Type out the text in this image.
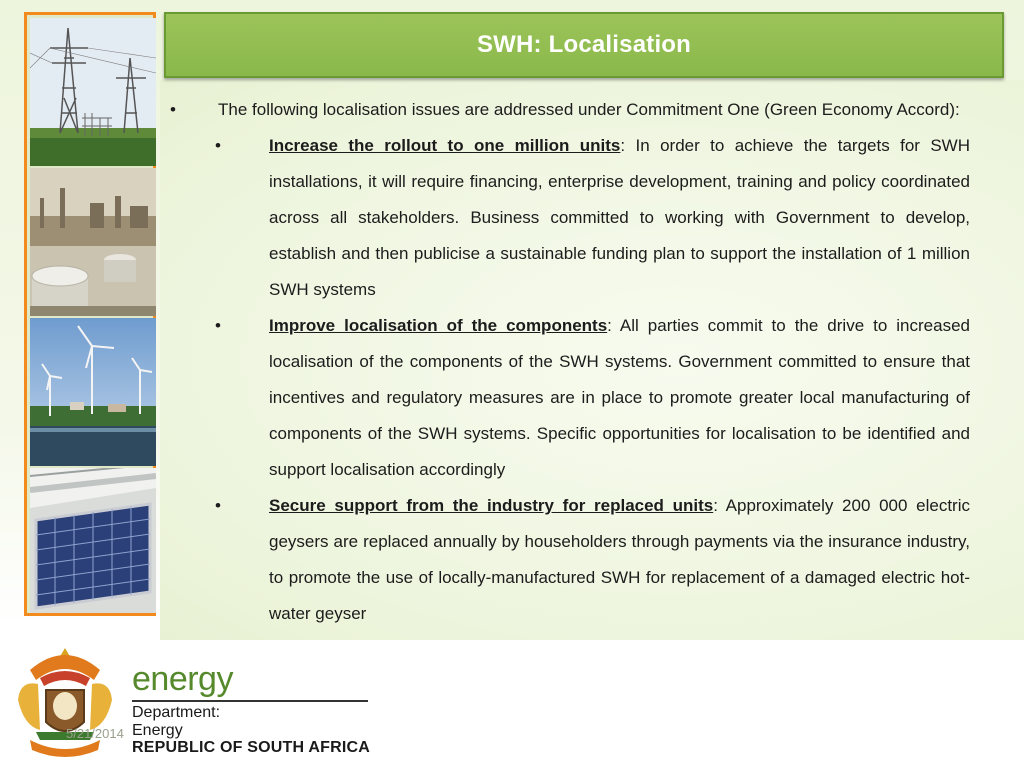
SWH: Localisation
• The following localisation issues are addressed under Commitment One (Green Economy Accord):
•	Increase the rollout to one million units: In order to achieve the targets for SWH installations, it will require financing, enterprise development, training and policy coordinated across all stakeholders. Business committed to working with Government to develop, establish and then publicise a sustainable funding plan to support the installation of 1 million SWH systems
•	Improve localisation of the components: All parties commit to the drive to increased localisation of the components of the SWH systems. Government committed to ensure that incentives and regulatory measures are in place to promote greater local manufacturing of components of the SWH systems. Specific opportunities for localisation to be identified and support localisation accordingly
•	Secure support from the industry for replaced units: Approximately 200 000 electric geysers are replaced annually by householders through payments via the insurance industry, to promote the use of locally-manufactured SWH for replacement of a damaged electric hot-water geyser
energy
Department:
Energy
REPUBLIC OF SOUTH AFRICA
5/21/2014
